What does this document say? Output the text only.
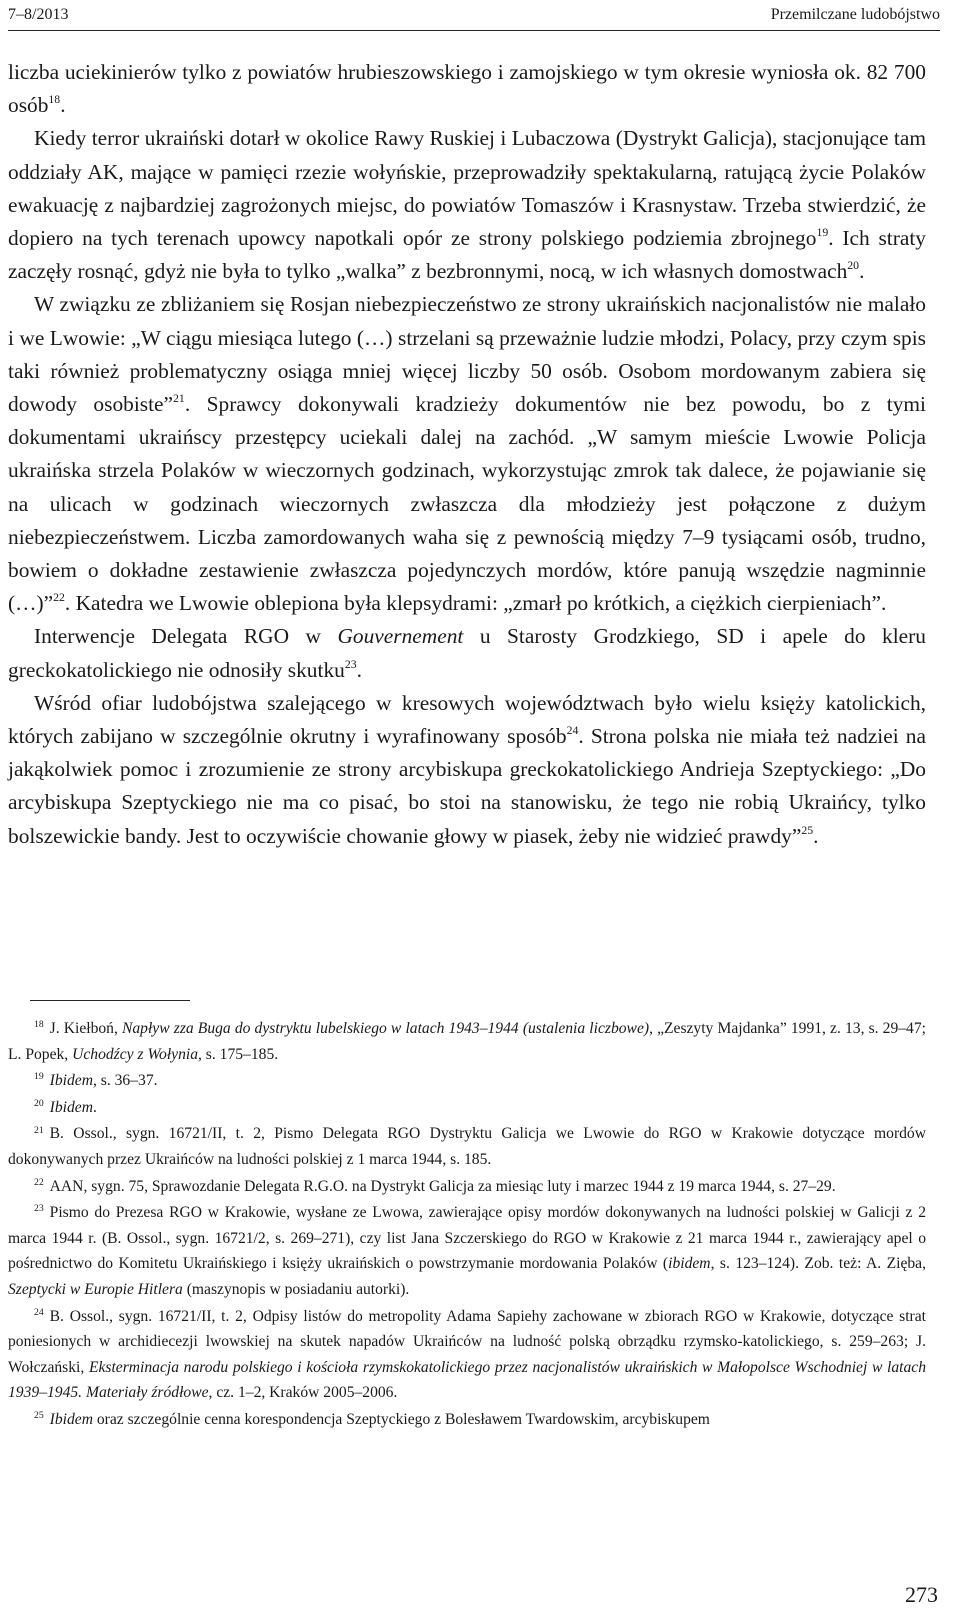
7–8/2013	Przemilczane ludobójstwo

liczba uciekinierów tylko z powiatów hrubieszowskiego i zamojskiego w tym okresie wyniosła ok. 82 700 osób$^{18}$.

Kiedy terror ukraiński dotarł w okolice Rawy Ruskiej i Lubaczowa (Dystrykt Galicja), stacjonujące tam oddziały AK, mające w pamięci rzezie wołyńskie, przeprowadziły spektakularną, ratującą życie Polaków ewakuację z najbardziej zagrożonych miejsc, do powiatów Tomaszów i Krasnystaw. Trzeba stwierdzić, że dopiero na tych terenach upowcy napotkali opór ze strony polskiego podziemia zbrojnego$^{19}$. Ich straty zaczęły rosnąć, gdyż nie była to tylko „walka” z bezbronnymi, nocą, w ich własnych domostwach$^{20}$.

W związku ze zbliżaniem się Rosjan niebezpieczeństwo ze strony ukraińskich nacjonalistów nie malało i we Lwowie: „W ciągu miesiąca lutego (…) strzelani są przeważnie ludzie młodzi, Polacy, przy czym spis taki również problematyczny osiąga mniej więcej liczby 50 osób. Osobom mordowanym zabiera się dowody osobiste”$^{21}$. Sprawcy dokonywali kradzieży dokumentów nie bez powodu, bo z tymi dokumentami ukraińscy przestępcy uciekali dalej na zachód. „W samym mieście Lwowie Policja ukraińska strzela Polaków w wieczornych godzinach, wykorzystując zmrok tak dalece, że pojawianie się na ulicach w godzinach wieczornych zwłaszcza dla młodzieży jest połączone z dużym niebezpieczeństwem. Liczba zamordowanych waha się z pewnością między 7–9 tysiącami osób, trudno, bowiem o dokładne zestawienie zwłaszcza pojedynczych mordów, które panują wszędzie nagminnie (…)”$^{22}$. Katedra we Lwowie oblepiona była klepsydrami: „zmarł po krótkich, a ciężkich cierpieniach”.

Interwencje Delegata RGO w Gouvernement u Starosty Grodzkiego, SD i apele do kleru greckokatolickiego nie odnosiły skutku$^{23}$.

Wśród ofiar ludobójstwa szalejącego w kresowych województwach było wielu księży katolickich, których zabijano w szczególnie okrutny i wyrafinowany sposób$^{24}$. Strona polska nie miała też nadziei na jakąkolwiek pomoc i zrozumienie ze strony arcybiskupa greckokatolickiego Andrieja Szeptyckiego: „Do arcybiskupa Szeptyckiego nie ma co pisać, bo stoi na stanowisku, że tego nie robią Ukraińcy, tylko bolszewickie bandy. Jest to oczywiście chowanie głowy w piasek, żeby nie widzieć prawdy”$^{25}$.

$^{18}$ J. Kiełboń, Napływ zza Buga do dystryktu lubelskiego w latach 1943–1944 (ustalenia liczbowe), „Zeszyty Majdanka” 1991, z. 13, s. 29–47; L. Popek, Uchodźcy z Wołynia, s. 175–185.

$^{19}$ Ibidem, s. 36–37.

$^{20}$ Ibidem.

$^{21}$ B. Ossol., sygn. 16721/II, t. 2, Pismo Delegata RGO Dystryktu Galicja we Lwowie do RGO w Krakowie dotyczące mordów dokonywanych przez Ukraińców na ludności polskiej z 1 marca 1944, s. 185.

$^{22}$ AAN, sygn. 75, Sprawozdanie Delegata R.G.O. na Dystrykt Galicja za miesiąc luty i marzec 1944 z 19 marca 1944, s. 27–29.

$^{23}$ Pismo do Prezesa RGO w Krakowie, wysłane ze Lwowa, zawierające opisy mordów dokonywanych na ludności polskiej w Galicji z 2 marca 1944 r. (B. Ossol., sygn. 16721/2, s. 269–271), czy list Jana Szczerskiego do RGO w Krakowie z 21 marca 1944 r., zawierający apel o pośrednictwo do Komitetu Ukraińskiego i księży ukraińskich o powstrzymanie mordowania Polaków (ibidem, s. 123–124). Zob. też: A. Zięba, Szeptycki w Europie Hitlera (maszynopis w posiadaniu autorki).

$^{24}$ B. Ossol., sygn. 16721/II, t. 2, Odpisy listów do metropolity Adama Sapiehy zachowane w zbiorach RGO w Krakowie, dotyczące strat poniesionych w archidiecezji lwowskiej na skutek napadów Ukraińców na ludność polską obrządku rzymsko-katolickiego, s. 259–263; J. Wołczański, Eksterminacja narodu polskiego i kościoła rzymskokatolickiego przez nacjonalistów ukraińskich w Małopolsce Wschodniej w latach 1939–1945. Materiały źródłowe, cz. 1–2, Kraków 2005–2006.

$^{25}$ Ibidem oraz szczególnie cenna korespondencja Szeptyckiego z Bolesławem Twardowskim, arcybiskupem

273
